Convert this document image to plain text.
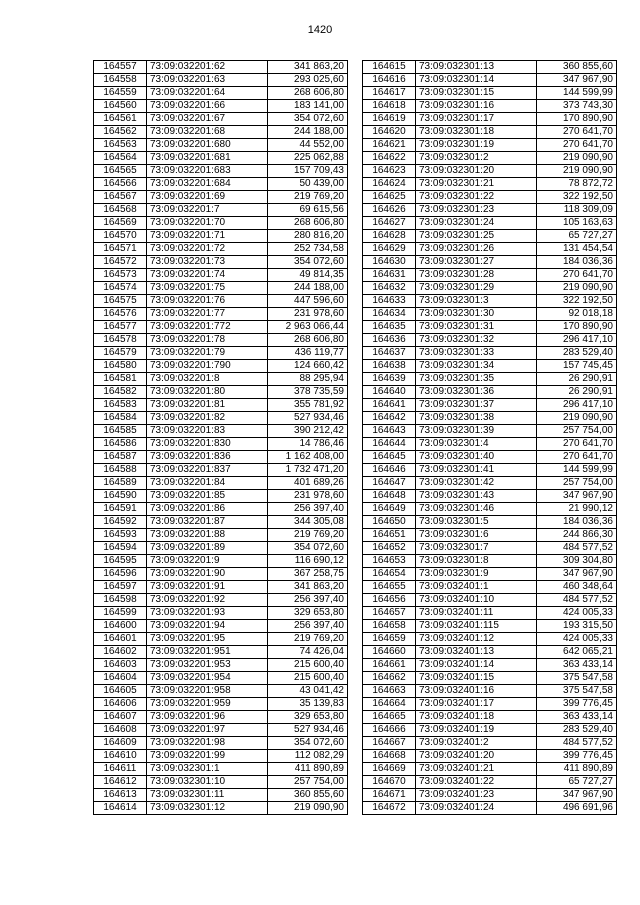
1420
164557	73:09:032201:62	341 863,20
164558	73:09:032201:63	293 025,60
164559	73:09:032201:64	268 606,80
164560	73:09:032201:66	183 141,00
164561	73:09:032201:67	354 072,60
164562	73:09:032201:68	244 188,00
164563	73:09:032201:680	44 552,00
164564	73:09:032201:681	225 062,88
164565	73:09:032201:683	157 709,43
164566	73:09:032201:684	50 439,00
164567	73:09:032201:69	219 769,20
164568	73:09:032201:7	69 615,56
164569	73:09:032201:70	268 606,80
164570	73:09:032201:71	280 816,20
164571	73:09:032201:72	252 734,58
164572	73:09:032201:73	354 072,60
164573	73:09:032201:74	49 814,35
164574	73:09:032201:75	244 188,00
164575	73:09:032201:76	447 596,60
164576	73:09:032201:77	231 978,60
164577	73:09:032201:772	2 963 066,44
164578	73:09:032201:78	268 606,80
164579	73:09:032201:79	436 119,77
164580	73:09:032201:790	124 660,42
164581	73:09:032201:8	88 295,94
164582	73:09:032201:80	378 735,59
164583	73:09:032201:81	355 781,92
164584	73:09:032201:82	527 934,46
164585	73:09:032201:83	390 212,42
164586	73:09:032201:830	14 786,46
164587	73:09:032201:836	1 162 408,00
164588	73:09:032201:837	1 732 471,20
164589	73:09:032201:84	401 689,26
164590	73:09:032201:85	231 978,60
164591	73:09:032201:86	256 397,40
164592	73:09:032201:87	344 305,08
164593	73:09:032201:88	219 769,20
164594	73:09:032201:89	354 072,60
164595	73:09:032201:9	116 690,12
164596	73:09:032201:90	367 258,75
164597	73:09:032201:91	341 863,20
164598	73:09:032201:92	256 397,40
164599	73:09:032201:93	329 653,80
164600	73:09:032201:94	256 397,40
164601	73:09:032201:95	219 769,20
164602	73:09:032201:951	74 426,04
164603	73:09:032201:953	215 600,40
164604	73:09:032201:954	215 600,40
164605	73:09:032201:958	43 041,42
164606	73:09:032201:959	35 139,83
164607	73:09:032201:96	329 653,80
164608	73:09:032201:97	527 934,46
164609	73:09:032201:98	354 072,60
164610	73:09:032201:99	112 082,29
164611	73:09:032301:1	411 890,89
164612	73:09:032301:10	257 754,00
164613	73:09:032301:11	360 855,60
164614	73:09:032301:12	219 090,90
164615	73:09:032301:13	360 855,60
164616	73:09:032301:14	347 967,90
164617	73:09:032301:15	144 599,99
164618	73:09:032301:16	373 743,30
164619	73:09:032301:17	170 890,90
164620	73:09:032301:18	270 641,70
164621	73:09:032301:19	270 641,70
164622	73:09:032301:2	219 090,90
164623	73:09:032301:20	219 090,90
164624	73:09:032301:21	78 872,72
164625	73:09:032301:22	322 192,50
164626	73:09:032301:23	118 309,09
164627	73:09:032301:24	105 163,63
164628	73:09:032301:25	65 727,27
164629	73:09:032301:26	131 454,54
164630	73:09:032301:27	184 036,36
164631	73:09:032301:28	270 641,70
164632	73:09:032301:29	219 090,90
164633	73:09:032301:3	322 192,50
164634	73:09:032301:30	92 018,18
164635	73:09:032301:31	170 890,90
164636	73:09:032301:32	296 417,10
164637	73:09:032301:33	283 529,40
164638	73:09:032301:34	157 745,45
164639	73:09:032301:35	26 290,91
164640	73:09:032301:36	26 290,91
164641	73:09:032301:37	296 417,10
164642	73:09:032301:38	219 090,90
164643	73:09:032301:39	257 754,00
164644	73:09:032301:4	270 641,70
164645	73:09:032301:40	270 641,70
164646	73:09:032301:41	144 599,99
164647	73:09:032301:42	257 754,00
164648	73:09:032301:43	347 967,90
164649	73:09:032301:46	21 990,12
164650	73:09:032301:5	184 036,36
164651	73:09:032301:6	244 866,30
164652	73:09:032301:7	484 577,52
164653	73:09:032301:8	309 304,80
164654	73:09:032301:9	347 967,90
164655	73:09:032401:1	460 348,64
164656	73:09:032401:10	484 577,52
164657	73:09:032401:11	424 005,33
164658	73:09:032401:115	193 315,50
164659	73:09:032401:12	424 005,33
164660	73:09:032401:13	642 065,21
164661	73:09:032401:14	363 433,14
164662	73:09:032401:15	375 547,58
164663	73:09:032401:16	375 547,58
164664	73:09:032401:17	399 776,45
164665	73:09:032401:18	363 433,14
164666	73:09:032401:19	283 529,40
164667	73:09:032401:2	484 577,52
164668	73:09:032401:20	399 776,45
164669	73:09:032401:21	411 890,89
164670	73:09:032401:22	65 727,27
164671	73:09:032401:23	347 967,90
164672	73:09:032401:24	496 691,96
